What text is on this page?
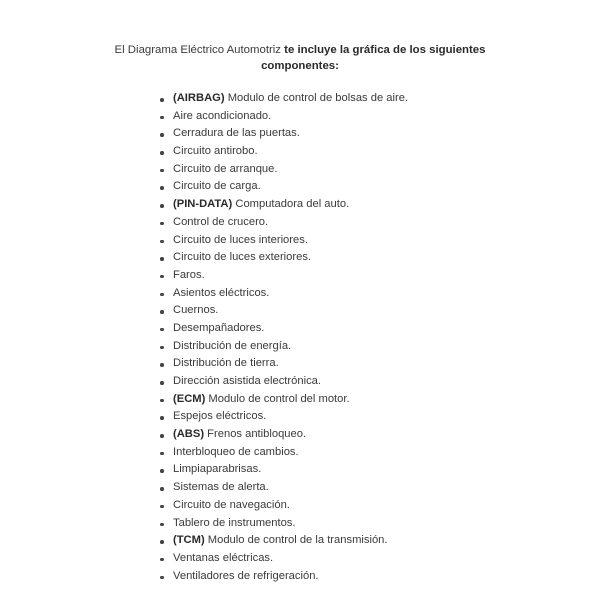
El Diagrama Eléctrico Automotriz te incluye la gráfica de los siguientes
componentes:
(AIRBAG) Modulo de control de bolsas de aire.
Aire acondicionado.
Cerradura de las puertas.
Circuito antirobo.
Circuito de arranque.
Circuito de carga.
(PIN-DATA) Computadora del auto.
Control de crucero.
Circuito de luces interiores.
Circuito de luces exteriores.
Faros.
Asientos eléctricos.
Cuernos.
Desempañadores.
Distribución de energía.
Distribución de tierra.
Dirección asistida electrónica.
(ECM) Modulo de control del motor.
Espejos eléctricos.
(ABS) Frenos antibloqueo.
Interbloqueo de cambios.
Limpiaparabrisas.
Sistemas de alerta.
Circuito de navegación.
Tablero de instrumentos.
(TCM) Modulo de control de la transmisión.
Ventanas eléctricas.
Ventiladores de refrigeración.
